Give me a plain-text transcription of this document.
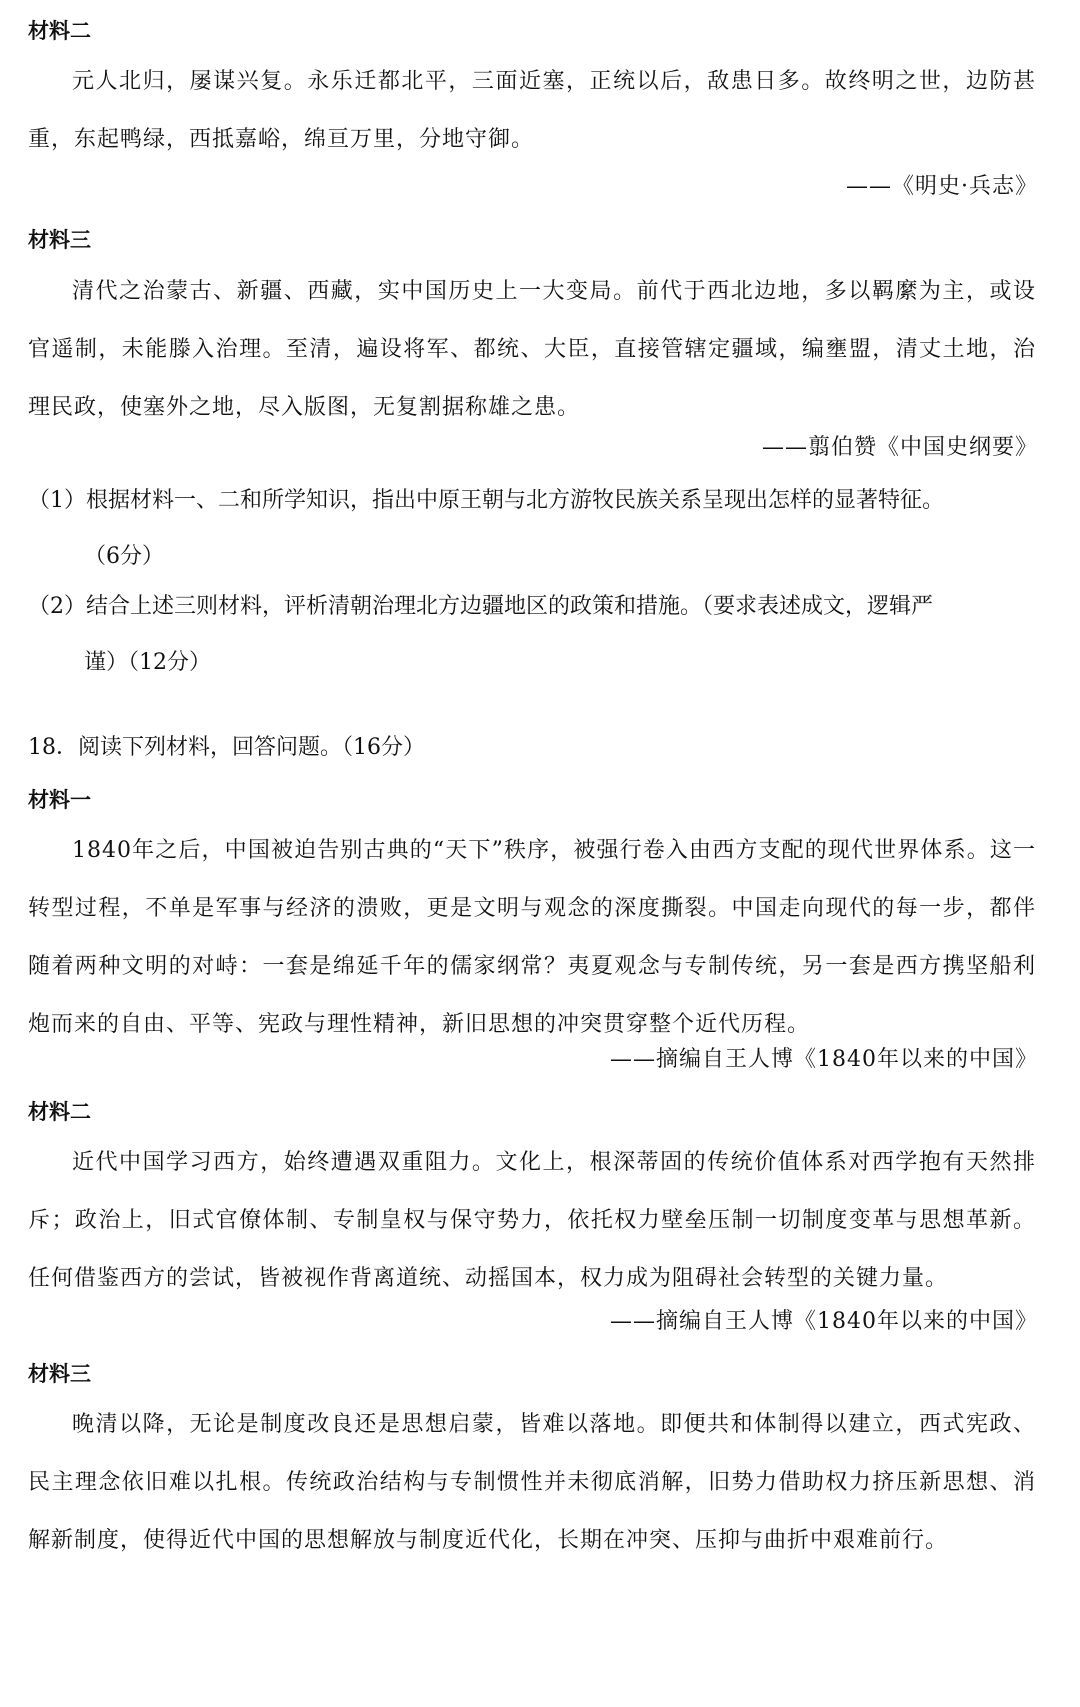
材料二

元人北归，屡谋兴复。永乐迁都北平，三面近塞，正统以后，敌患日多。故终明之世，边防甚重，东起鸭绿，西抵嘉峪，绵亘万里，分地守御。

——《明史·兵志》
材料三

清代之治蒙古、新疆、西藏，实中国历史上一大变局。前代于西北边地，多以羁縻为主，或设官遥制，未能滕入治理。至清，遍设将军、都统、大臣，直接管辖定疆域，编壅盟，清丈土地，治理民政，使塞外之地，尽入版图，无复割据称雄之患。

——翦伯赞《中国史纲要》
（1）根据材料一、二和所学知识，指出中原王朝与北方游牧民族关系呈现出怎样的显著特征。
（6分）
（2）结合上述三则材料，评析清朝治理北方边疆地区的政策和措施。（要求表述成文，逻辑严
谨）（12分）
18．阅读下列材料，回答问题。（16分）
材料一

1840年之后，中国被迫告别古典的“天下”秩序，被强行卷入由西方支配的现代世界体系。这一转型过程，不单是军事与经济的溃败，更是文明与观念的深度撕裂。中国走向现代的每一步，都伴随着两种文明的对峙：一套是绵延千年的儒家纲常？夷夏观念与专制传统，另一套是西方携坚船利炮而来的自由、平等、宪政与理性精神，新旧思想的冲突贯穿整个近代历程。

——摘编自王人博《1840年以来的中国》
材料二

近代中国学习西方，始终遭遇双重阻力。文化上，根深蒂固的传统价值体系对西学抱有天然排斥；政治上，旧式官僚体制、专制皇权与保守势力，依托权力壁垒压制一切制度变革与思想革新。任何借鉴西方的尝试，皆被视作背离道统、动摇国本，权力成为阻碍社会转型的关键力量。

——摘编自王人博《1840年以来的中国》
材料三

晚清以降，无论是制度改良还是思想启蒙，皆难以落地。即便共和体制得以建立，西式宪政、民主理念依旧难以扎根。传统政治结构与专制惯性并未彻底消解，旧势力借助权力挤压新思想、消解新制度，使得近代中国的思想解放与制度近代化，长期在冲突、压抑与曲折中艰难前行。
